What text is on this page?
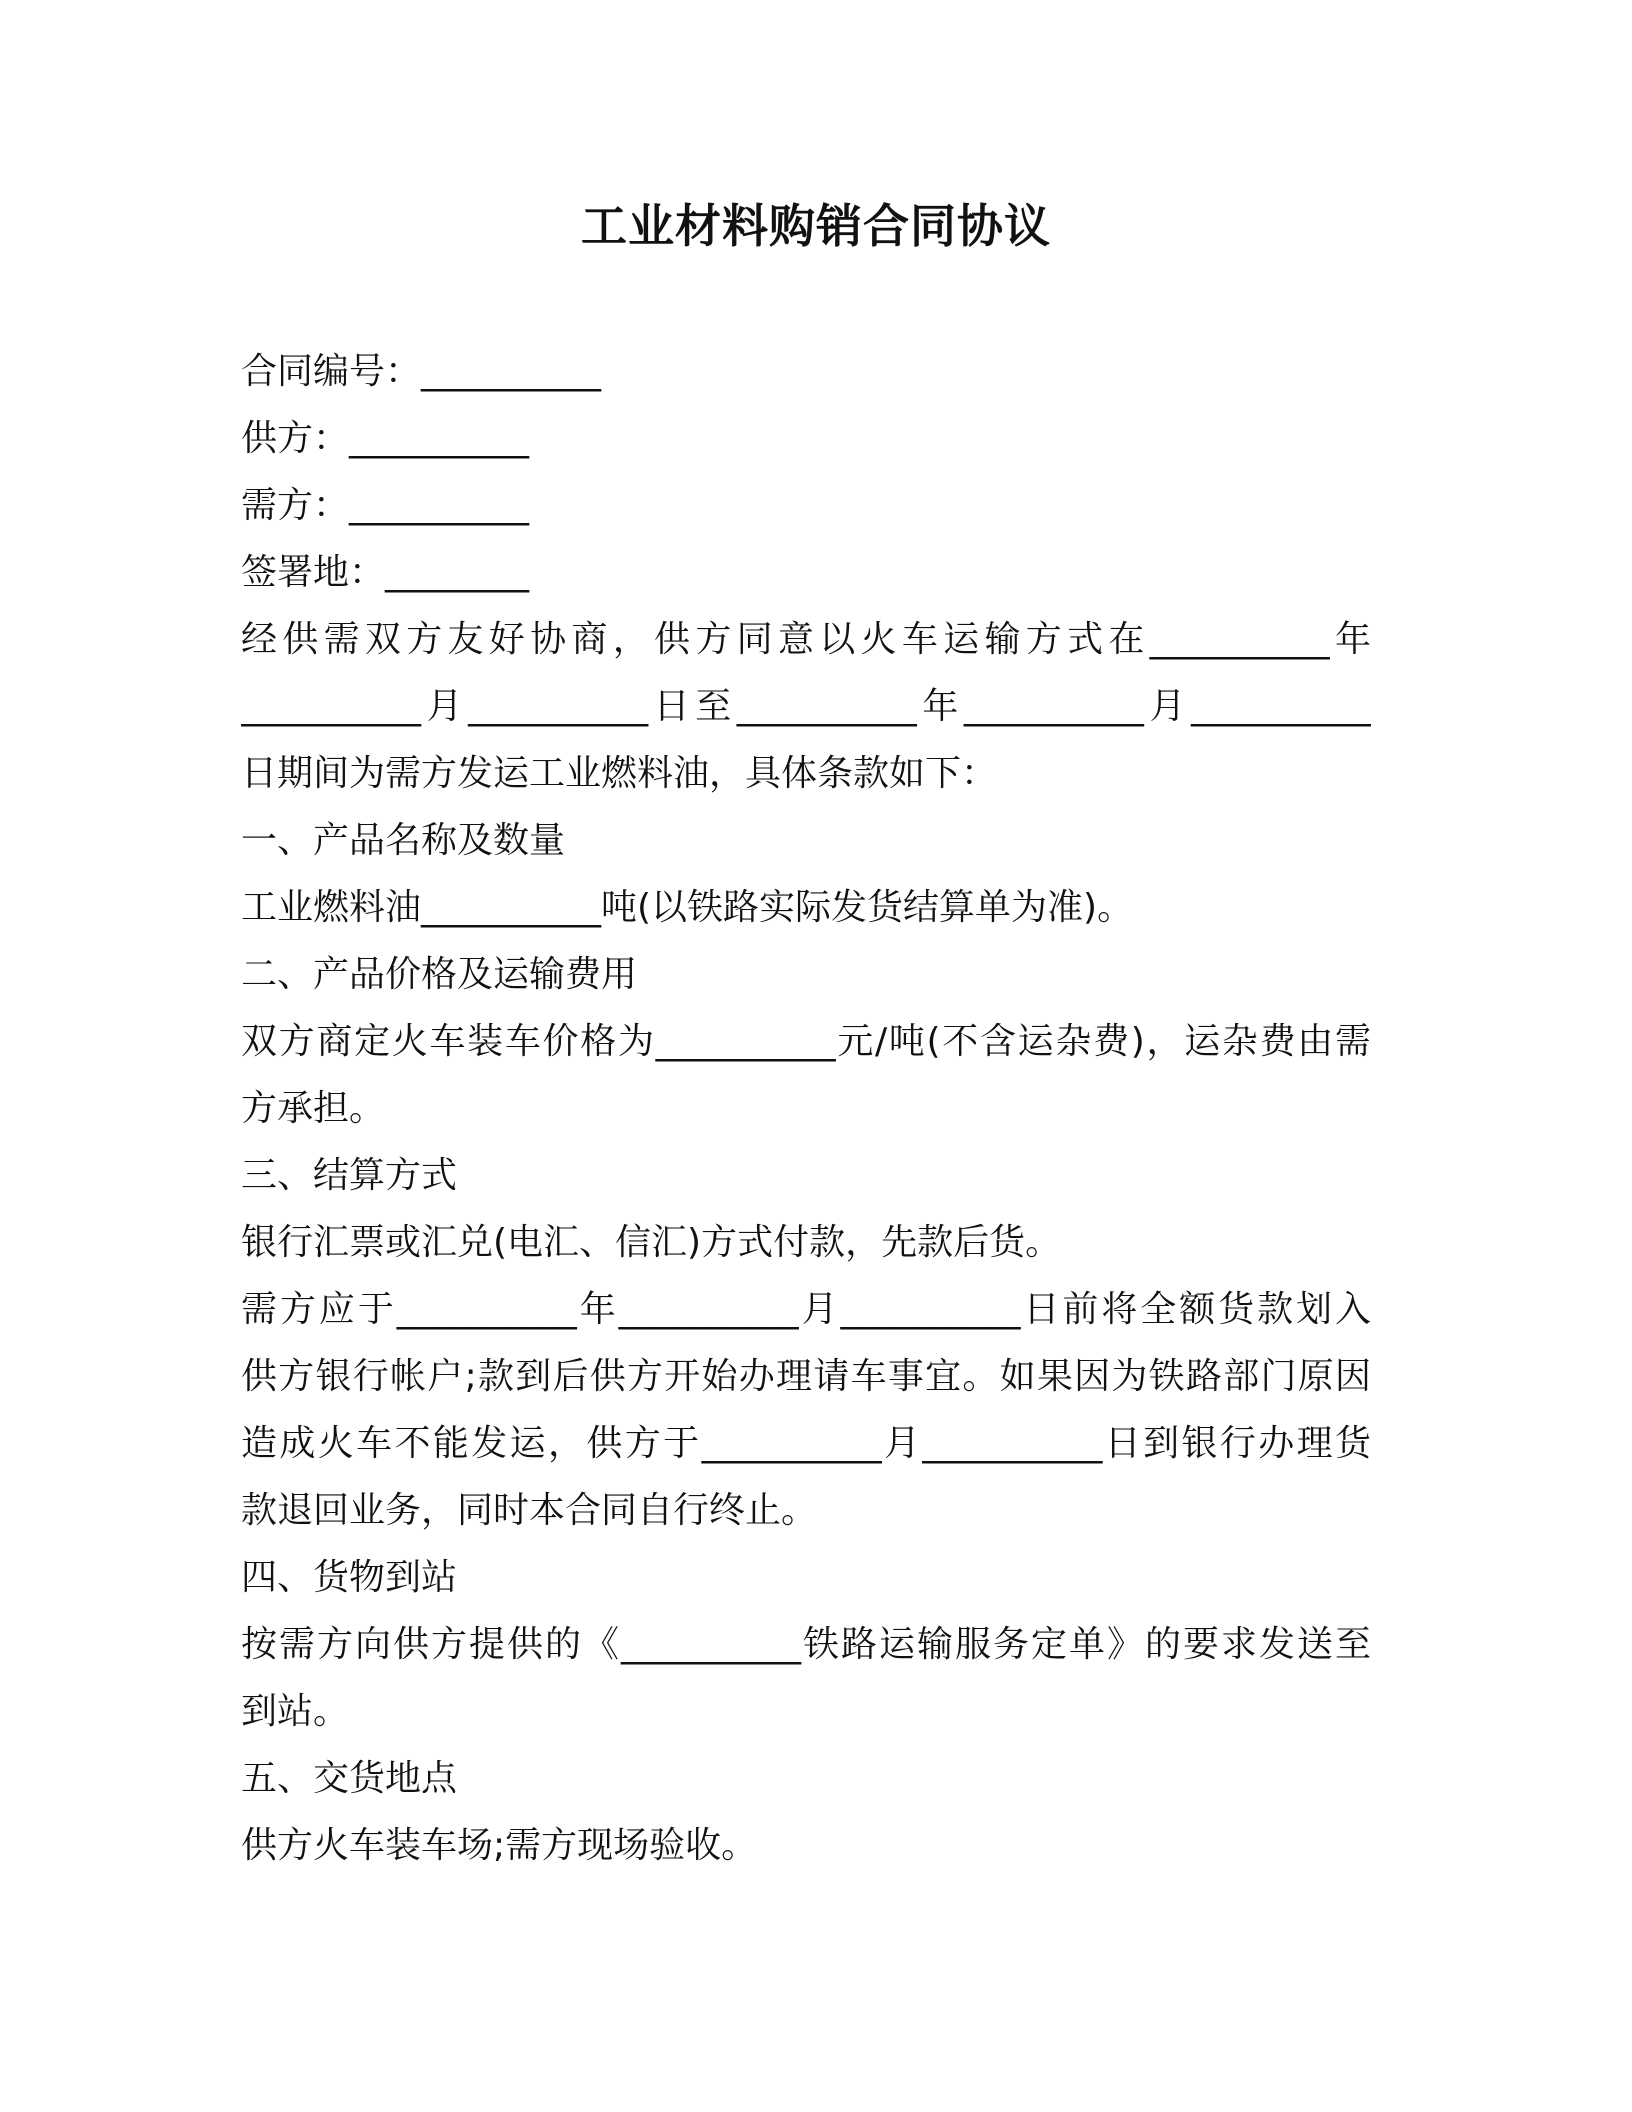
工业材料购销合同协议
合同编号：__________
供方：__________
需方：__________
签署地：________
经供需双方友好协商，供方同意以火车运输方式在__________年
__________月__________日至__________年__________月__________
日期间为需方发运工业燃料油，具体条款如下：
一、产品名称及数量
工业燃料油__________吨(以铁路实际发货结算单为准)。
二、产品价格及运输费用
双方商定火车装车价格为__________元/吨(不含运杂费)，运杂费由需
方承担。
三、结算方式
银行汇票或汇兑(电汇、信汇)方式付款，先款后货。
需方应于__________年__________月__________日前将全额货款划入
供方银行帐户;款到后供方开始办理请车事宜。如果因为铁路部门原因
造成火车不能发运，供方于__________月__________日到银行办理货
款退回业务，同时本合同自行终止。
四、货物到站
按需方向供方提供的《__________铁路运输服务定单》的要求发送至
到站。
五、交货地点
供方火车装车场;需方现场验收。
